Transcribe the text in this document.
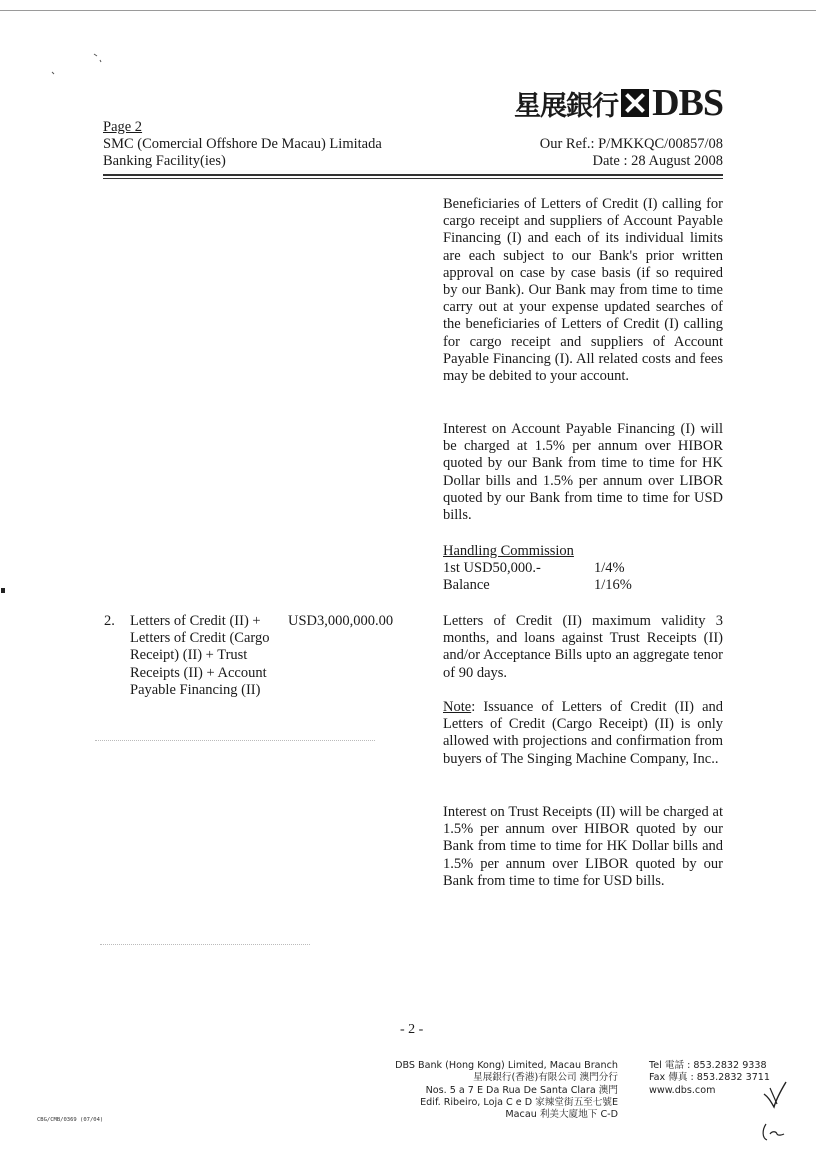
Page 2
SMC (Comercial Offshore De Macau) Limitada
Banking Facility(ies)
星展銀行 DBS
Our Ref.: P/MKKQC/00857/08
Date : 28 August 2008

Beneficiaries of Letters of Credit (I) calling for cargo receipt and suppliers of Account Payable Financing (I) and each of its individual limits are each subject to our Bank's prior written approval on case by case basis (if so required by our Bank). Our Bank may from time to time carry out at your expense updated searches of the beneficiaries of Letters of Credit (I) calling for cargo receipt and suppliers of Account Payable Financing (I). All related costs and fees may be debited to your account.

Interest on Account Payable Financing (I) will be charged at 1.5% per annum over HIBOR quoted by our Bank from time to time for HK Dollar bills and 1.5% per annum over LIBOR quoted by our Bank from time to time for USD bills.

Handling Commission
1st USD50,000.-	1/4%
Balance	1/16%
2. Letters of Credit (II) +
Letters of Credit (Cargo
Receipt) (II) + Trust
Receipts (II) + Account
Payable Financing (II)
USD3,000,000.00	Letters of Credit (II) maximum validity 3 months, and loans against Trust Receipts (II) and/or Acceptance Bills upto an aggregate tenor of 90 days.

Note: Issuance of Letters of Credit (II) and Letters of Credit (Cargo Receipt) (II) is only allowed with projections and confirmation from buyers of The Singing Machine Company, Inc..

Interest on Trust Receipts (II) will be charged at 1.5% per annum over HIBOR quoted by our Bank from time to time for HK Dollar bills and 1.5% per annum over LIBOR quoted by our Bank from time to time for USD bills.

- 2 -
DBS Bank (Hong Kong) Limited, Macau Branch
星展銀行(香港)有限公司 澳門分行
Nos. 5 a 7 E Da Rua De Santa Clara 澳門
Edif. Ribeiro, Loja C e D 家辣堂街五至七號E
Macau 利美大廈地下 C-D
Tel 電話 : 853.2832 9338
Fax 傳真 : 853.2832 3711
www.dbs.com
CBG/CMB/0369 (07/04)
